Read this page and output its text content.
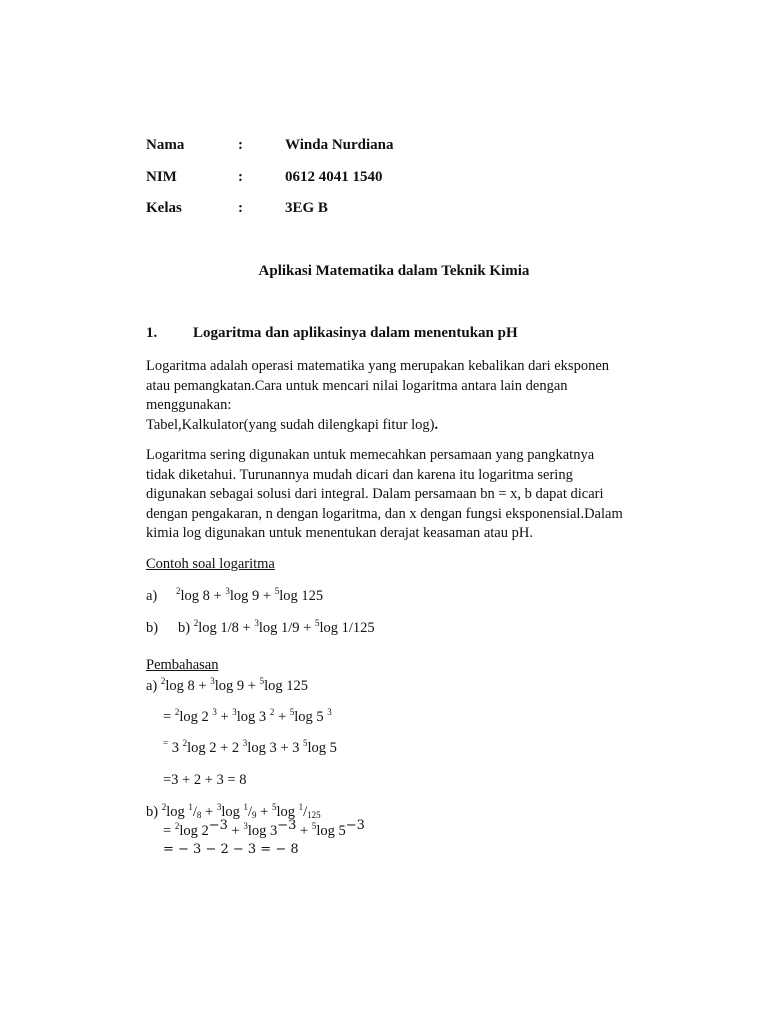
Nama	:	Winda Nurdiana
NIM	:	0612 4041 1540
Kelas	:	3EG B
Aplikasi Matematika dalam Teknik Kimia
1. Logaritma dan aplikasinya dalam menentukan pH
Logaritma adalah operasi matematika yang merupakan kebalikan dari eksponen
atau pemangkatan.Cara untuk mencari nilai logaritma antara lain dengan
menggunakan:
Tabel,Kalkulator(yang sudah dilengkapi fitur log).
Logaritma sering digunakan untuk memecahkan persamaan yang pangkatnya
tidak diketahui. Turunannya mudah dicari dan karena itu logaritma sering
digunakan sebagai solusi dari integral. Dalam persamaan bn = x, b dapat dicari
dengan pengakaran, n dengan logaritma, dan x dengan fungsi eksponensial.Dalam
kimia log digunakan untuk menentukan derajat keasaman atau pH.
Contoh soal logaritma
a) $^2$log 8 + $^3$log 9 + $^5$log 125
b) b) $^2$log 1/8 + $^3$log 1/9 + $^5$log 1/125
Pembahasan
a) $^2$log 8 + $^3$log 9 + $^5$log 125
= $^2$log 2 $^3$ + $^3$log 3 $^2$ + $^5$log 5 $^3$
= 3 $^2$log 2 + 2 $^3$log 3 + 3 $^5$log 5
=3 + 2 + 3 = 8
b) $^2$log $^1/_8 + ^3\log$ $^1/_9 + ^5\log$ $^1/_{125}$
= $^2$log $2^{-3} + ^3\log$ $3^{-3} + ^5\log$ $5^{-3}$
= − 3 − 2 − 3 = − 8
